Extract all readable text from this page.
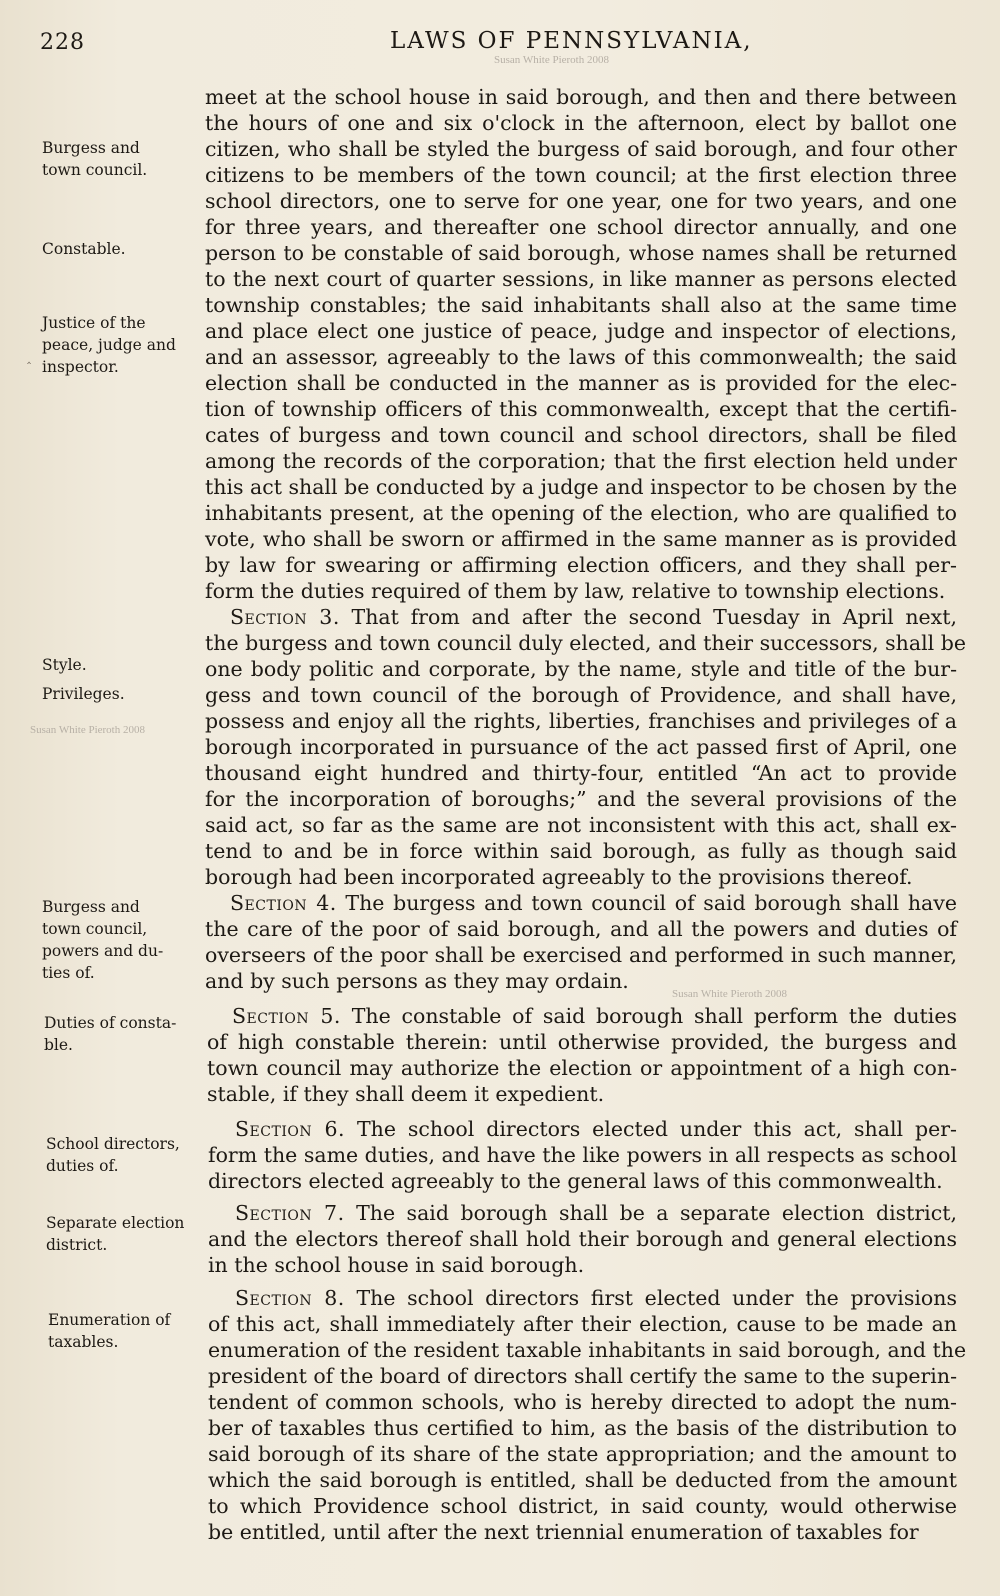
228	LAWS OF PENNSYLVANIA,
Susan White Pieroth 2008
Susan White Pieroth 2008
Susan White Pieroth 2008
‸
Burgess and
town council.
Constable.
Justice of the
peace, judge and
inspector.
Style.
Privileges.
Burgess and
town council,
powers and du-
ties of.
Duties of consta-
ble.
School directors,
duties of.
Separate election
district.
Enumeration of
taxables.
meet at the school house in said borough, and then and there between
the hours of one and six o'clock in the afternoon, elect by ballot one
citizen, who shall be styled the burgess of said borough, and four other
citizens to be members of the town council; at the first election three
school directors, one to serve for one year, one for two years, and one
for three years, and thereafter one school director annually, and one
person to be constable of said borough, whose names shall be returned
to the next court of quarter sessions, in like manner as persons elected
township constables; the said inhabitants shall also at the same time
and place elect one justice of peace, judge and inspector of elections,
and an assessor, agreeably to the laws of this commonwealth; the said
election shall be conducted in the manner as is provided for the elec-
tion of township officers of this commonwealth, except that the certifi-
cates of burgess and town council and school directors, shall be filed
among the records of the corporation; that the first election held under
this act shall be conducted by a judge and inspector to be chosen by the
inhabitants present, at the opening of the election, who are qualified to
vote, who shall be sworn or affirmed in the same manner as is provided
by law for swearing or affirming election officers, and they shall per-
form the duties required of them by law, relative to township elections.
Section 3. That from and after the second Tuesday in April next,
the burgess and town council duly elected, and their successors, shall be
one body politic and corporate, by the name, style and title of the bur-
gess and town council of the borough of Providence, and shall have,
possess and enjoy all the rights, liberties, franchises and privileges of a
borough incorporated in pursuance of the act passed first of April, one
thousand eight hundred and thirty-four, entitled “An act to provide
for the incorporation of boroughs;” and the several provisions of the
said act, so far as the same are not inconsistent with this act, shall ex-
tend to and be in force within said borough, as fully as though said
borough had been incorporated agreeably to the provisions thereof.
Section 4. The burgess and town council of said borough shall have
the care of the poor of said borough, and all the powers and duties of
overseers of the poor shall be exercised and performed in such manner,
and by such persons as they may ordain.
Section 5. The constable of said borough shall perform the duties
of high constable therein: until otherwise provided, the burgess and
town council may authorize the election or appointment of a high con-
stable, if they shall deem it expedient.
Section 6. The school directors elected under this act, shall per-
form the same duties, and have the like powers in all respects as school
directors elected agreeably to the general laws of this commonwealth.
Section 7. The said borough shall be a separate election district,
and the electors thereof shall hold their borough and general elections
in the school house in said borough.
Section 8. The school directors first elected under the provisions
of this act, shall immediately after their election, cause to be made an
enumeration of the resident taxable inhabitants in said borough, and the
president of the board of directors shall certify the same to the superin-
tendent of common schools, who is hereby directed to adopt the num-
ber of taxables thus certified to him, as the basis of the distribution to
said borough of its share of the state appropriation; and the amount to
which the said borough is entitled, shall be deducted from the amount
to which Providence school district, in said county, would otherwise
be entitled, until after the next triennial enumeration of taxables for
